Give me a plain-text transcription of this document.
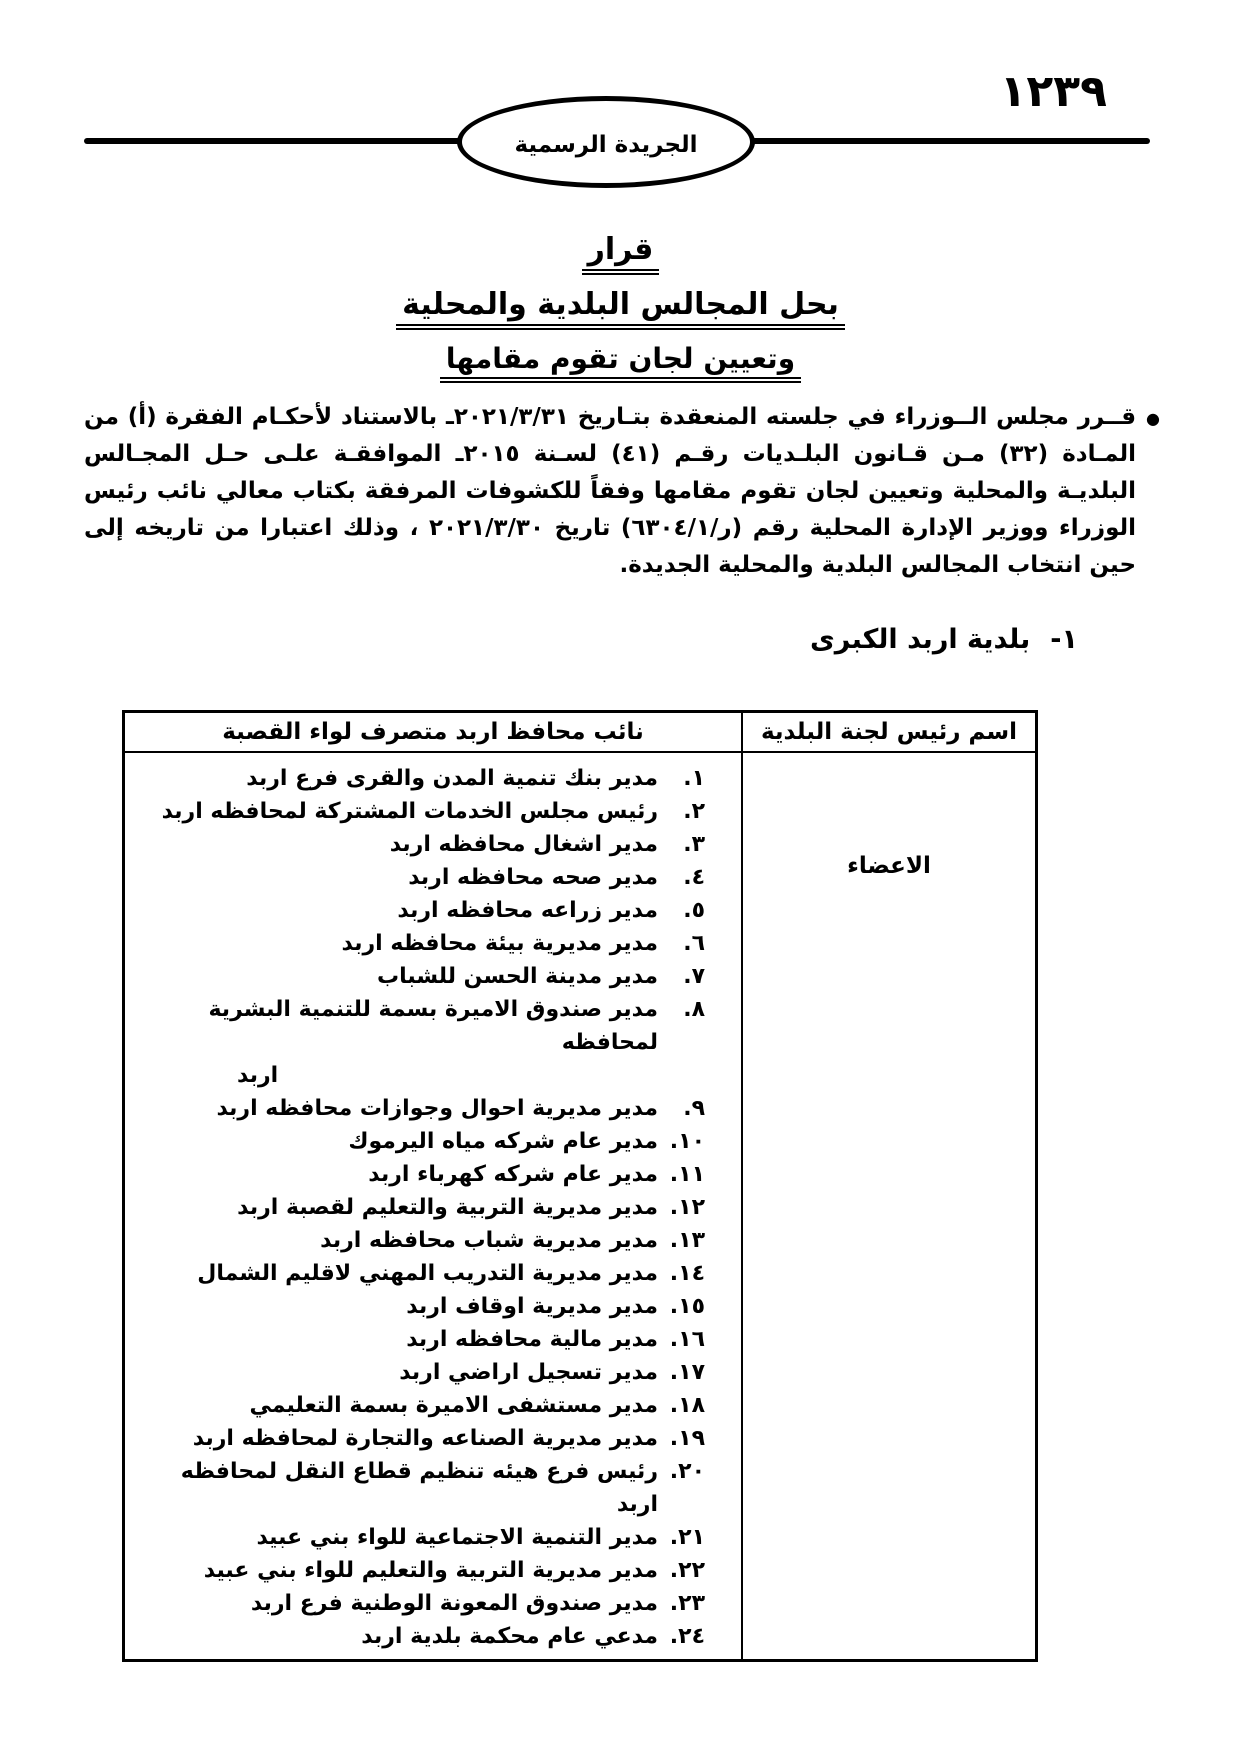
١٢٣٩
الجريدة الرسمية
قرار
بحل المجالس البلدية والمحلية
وتعيين لجان تقوم مقامها
●
قــرر مجلس الــوزراء في جلسته المنعقدة بتـاريخ ٢٠٢١/٣/٣١ـ بالاستناد لأحكـام الفقرة (أ) من المـادة (٣٢) مـن قـانون البلـديات رقـم (٤١) لسـنة ٢٠١٥ـ الموافقـة علـى حـل المجـالس البلديـة والمحلية وتعيين لجان تقوم مقامها وفقاً للكشوفات المرفقة بكتاب معالي نائب رئيس الوزراء ووزير الإدارة المحلية رقم (ر/٦٣٠٤/١) تاريخ ٢٠٢١/٣/٣٠ ، وذلك اعتبارا من تاريخه إلى حين انتخاب المجالس البلدية والمحلية الجديدة.
١-بلدية اربد الكبرى
نائب محافظ اربد متصرف لواء القصبة	اسم رئيس لجنة البلدية
١.
مدير بنك تنمية المدن والقرى فرع اربد
٢.
رئيس مجلس الخدمات المشتركة لمحافظه اربد
٣.
مدير اشغال محافظه اربد
٤.
مدير صحه محافظه اربد
٥.
مدير زراعه محافظه اربد
٦.
مدير مديرية بيئة محافظه اربد
٧.
مدير مدينة الحسن للشباب
٨.
مدير صندوق الاميرة بسمة للتنمية البشرية لمحافظه
اربد
٩.
مدير مديرية احوال وجوازات محافظه اربد
١٠.
مدير عام شركه مياه اليرموك
١١.
مدير عام شركه كهرباء اربد
١٢.
مدير مديرية التربية والتعليم لقصبة اربد
١٣.
مدير مديرية شباب محافظه اربد
١٤.
مدير مديرية التدريب المهني لاقليم الشمال
١٥.
مدير مديرية اوقاف اربد
١٦.
مدير مالية محافظه اربد
١٧.
مدير تسجيل اراضي اربد
١٨.
مدير مستشفى الاميرة بسمة التعليمي
١٩.
مدير مديرية الصناعه والتجارة لمحافظه اربد
٢٠.
رئيس فرع هيئه تنظيم قطاع النقل لمحافظه اربد
٢١.
مدير التنمية الاجتماعية للواء بني عبيد
٢٢.
مدير مديرية التربية والتعليم للواء بني عبيد
٢٣.
مدير صندوق المعونة الوطنية فرع اربد
٢٤.
مدعي عام محكمة بلدية اربد
الاعضاء
